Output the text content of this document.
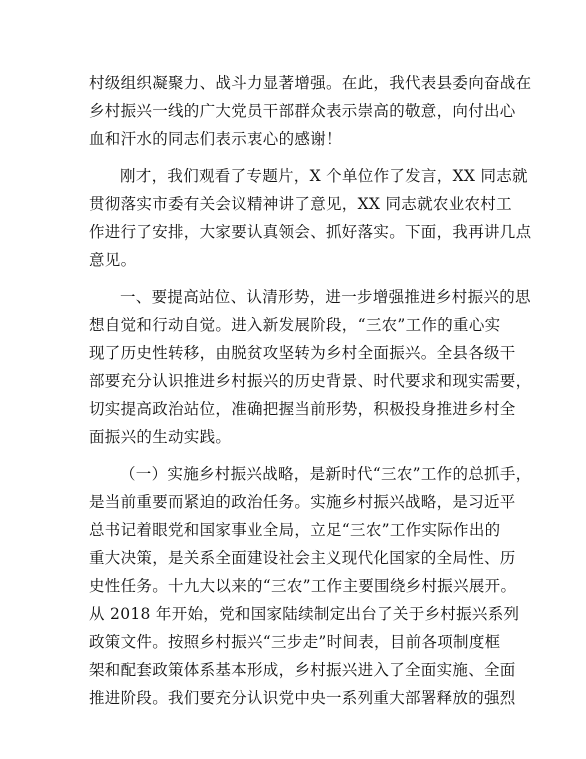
村级组织凝聚力、战斗力显著增强。在此，我代表县委向奋战在
乡村振兴一线的广大党员干部群众表示崇高的敬意，向付出心
血和汗水的同志们表示衷心的感谢！
刚才，我们观看了专题片，X 个单位作了发言，XX 同志就
贯彻落实市委有关会议精神讲了意见，XX 同志就农业农村工
作进行了安排，大家要认真领会、抓好落实。下面，我再讲几点
意见。
一、要提高站位、认清形势，进一步增强推进乡村振兴的思
想自觉和行动自觉。进入新发展阶段，“三农”工作的重心实
现了历史性转移，由脱贫攻坚转为乡村全面振兴。全县各级干
部要充分认识推进乡村振兴的历史背景、时代要求和现实需要，
切实提高政治站位，准确把握当前形势，积极投身推进乡村全
面振兴的生动实践。
（一）实施乡村振兴战略，是新时代“三农”工作的总抓手，
是当前重要而紧迫的政治任务。实施乡村振兴战略，是习近平
总书记着眼党和国家事业全局，立足“三农”工作实际作出的
重大决策，是关系全面建设社会主义现代化国家的全局性、历
史性任务。十九大以来的“三农”工作主要围绕乡村振兴展开。
从 2018 年开始，党和国家陆续制定出台了关于乡村振兴系列
政策文件。按照乡村振兴“三步走”时间表，目前各项制度框
架和配套政策体系基本形成，乡村振兴进入了全面实施、全面
推进阶段。我们要充分认识党中央一系列重大部署释放的强烈
